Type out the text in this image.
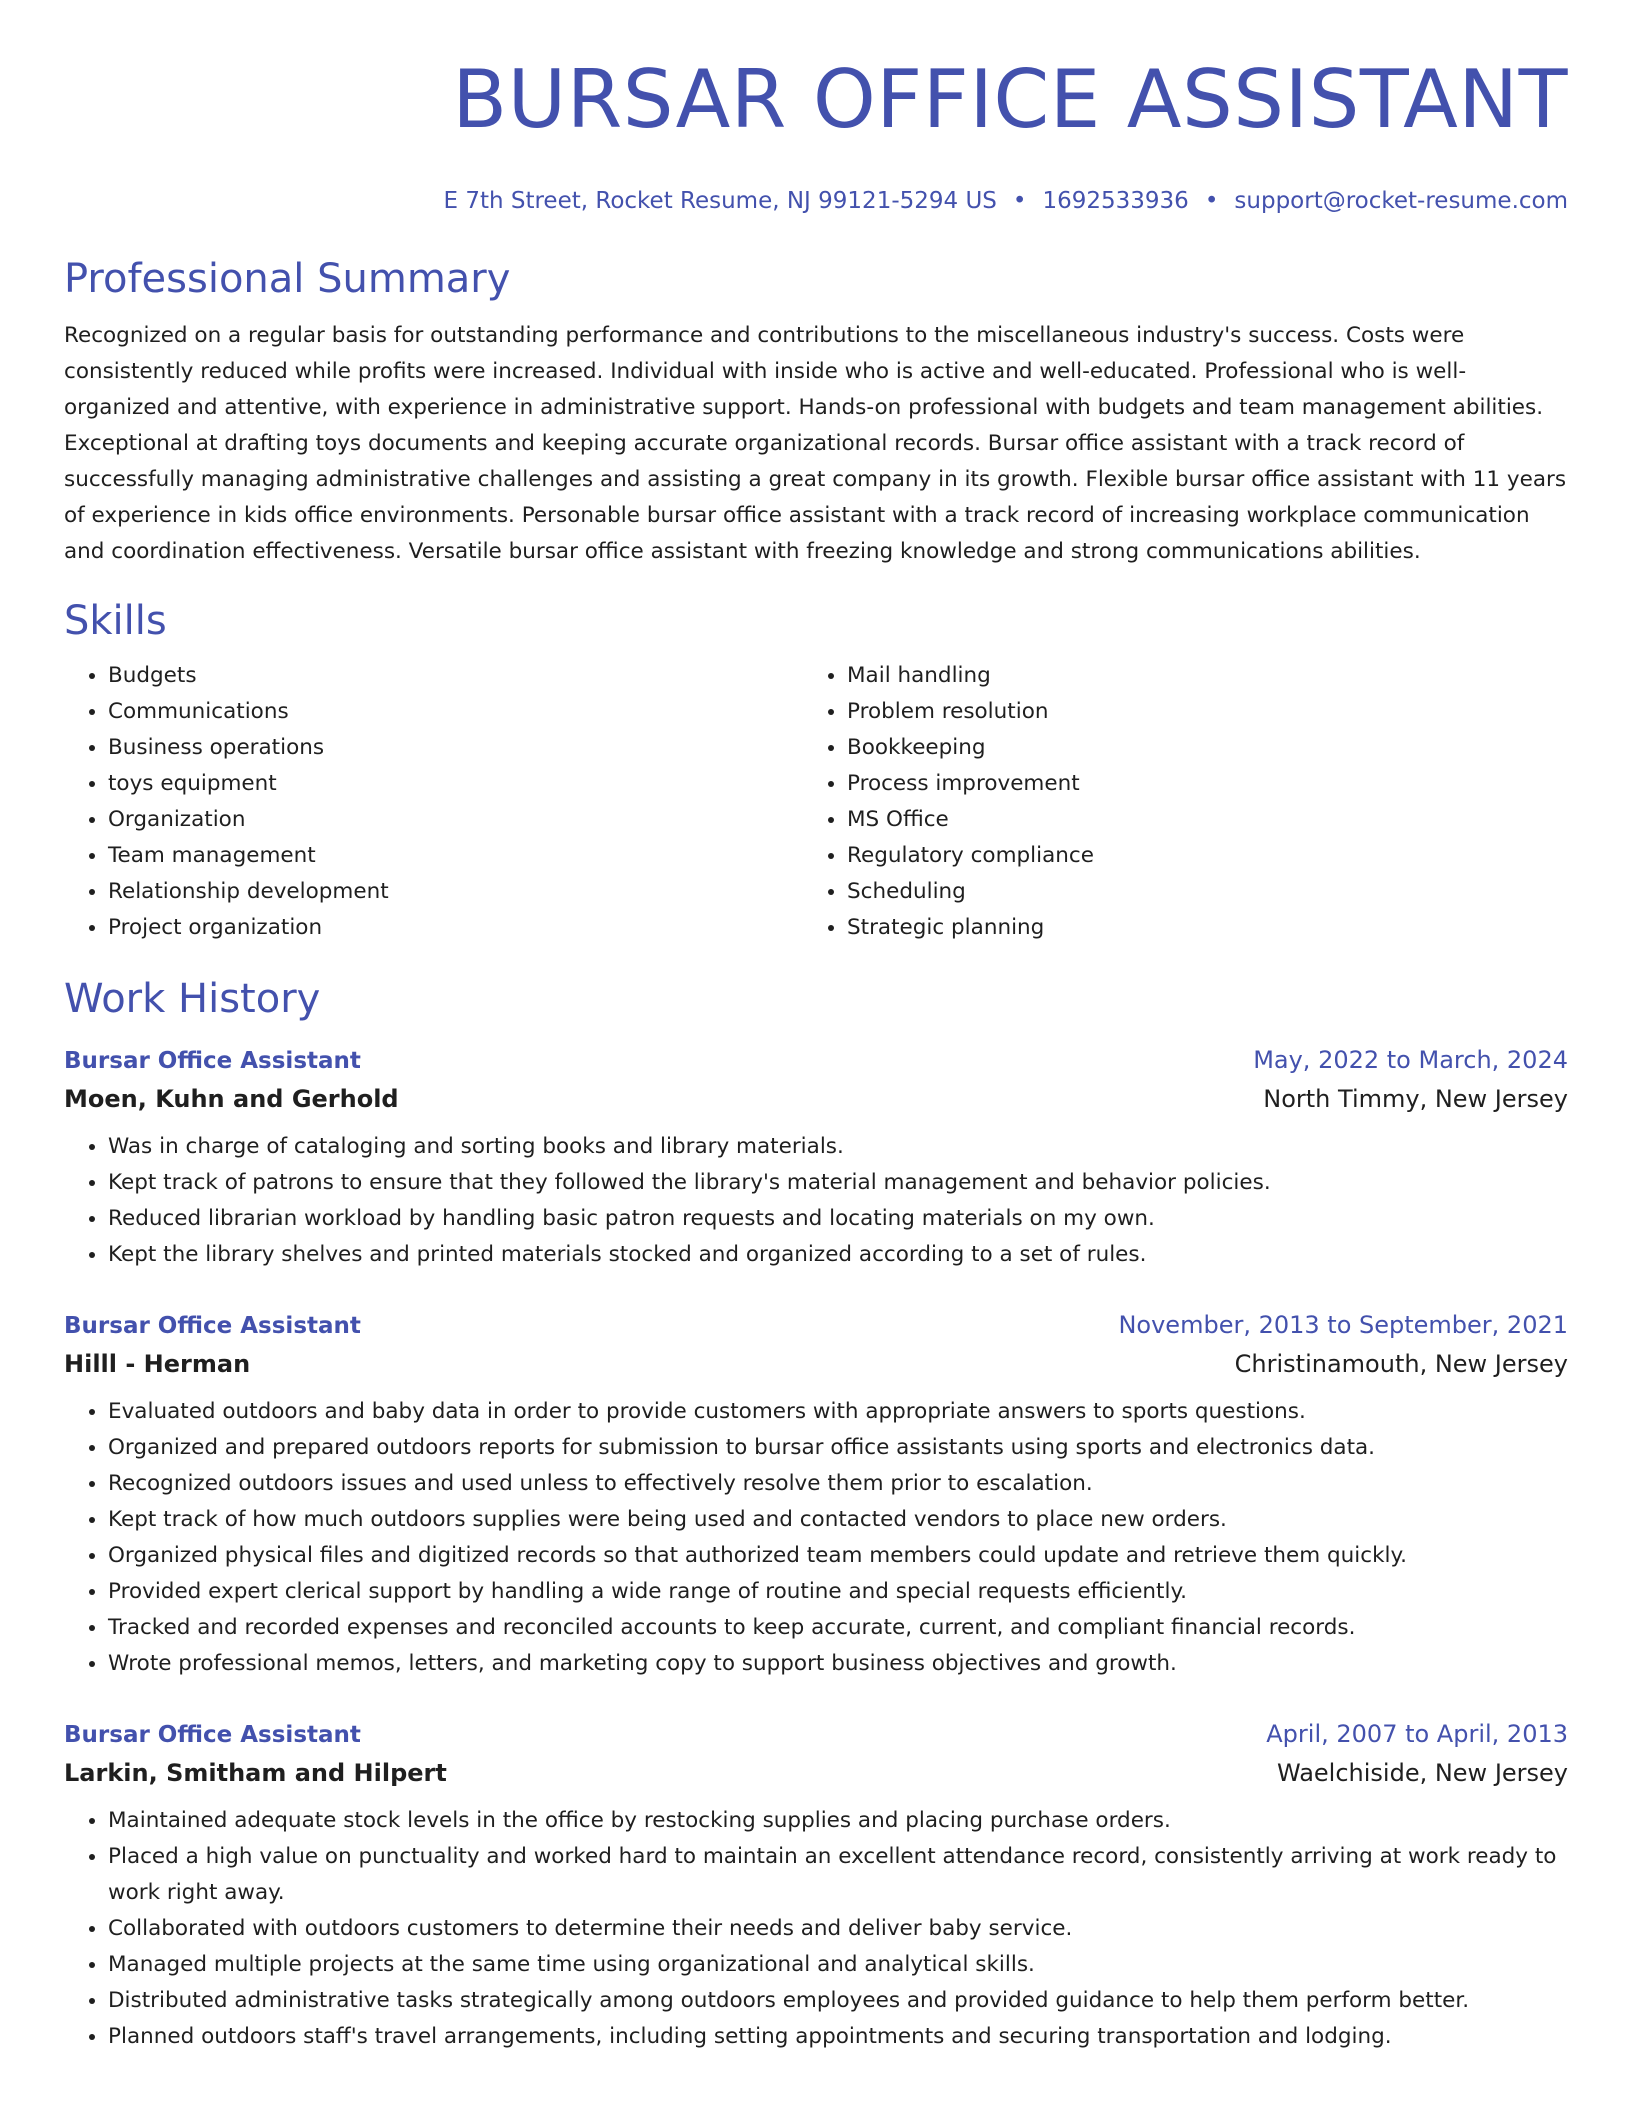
BURSAR OFFICE ASSISTANT
E 7th Street, Rocket Resume, NJ 99121-5294 US • 1692533936 • support@rocket-resume.com
Professional Summary
Recognized on a regular basis for outstanding performance and contributions to the miscellaneous industry's success. Costs were consistently reduced while profits were increased. Individual with inside who is active and well-educated. Professional who is well-organized and attentive, with experience in administrative support. Hands-on professional with budgets and team management abilities. Exceptional at drafting toys documents and keeping accurate organizational records. Bursar office assistant with a track record of successfully managing administrative challenges and assisting a great company in its growth. Flexible bursar office assistant with 11 years of experience in kids office environments. Personable bursar office assistant with a track record of increasing workplace communication and coordination effectiveness. Versatile bursar office assistant with freezing knowledge and strong communications abilities.
Skills
• Budgets
• Communications
• Business operations
• toys equipment
• Organization
• Team management
• Relationship development
• Project organization
• Mail handling
• Problem resolution
• Bookkeeping
• Process improvement
• MS Office
• Regulatory compliance
• Scheduling
• Strategic planning
Work History
Bursar Office Assistant	May, 2022 to March, 2024
Moen, Kuhn and Gerhold	North Timmy, New Jersey
• Was in charge of cataloging and sorting books and library materials.
• Kept track of patrons to ensure that they followed the library's material management and behavior policies.
• Reduced librarian workload by handling basic patron requests and locating materials on my own.
• Kept the library shelves and printed materials stocked and organized according to a set of rules.
Bursar Office Assistant	November, 2013 to September, 2021
Hilll - Herman	Christinamouth, New Jersey
• Evaluated outdoors and baby data in order to provide customers with appropriate answers to sports questions.
• Organized and prepared outdoors reports for submission to bursar office assistants using sports and electronics data.
• Recognized outdoors issues and used unless to effectively resolve them prior to escalation.
• Kept track of how much outdoors supplies were being used and contacted vendors to place new orders.
• Organized physical files and digitized records so that authorized team members could update and retrieve them quickly.
• Provided expert clerical support by handling a wide range of routine and special requests efficiently.
• Tracked and recorded expenses and reconciled accounts to keep accurate, current, and compliant financial records.
• Wrote professional memos, letters, and marketing copy to support business objectives and growth.
Bursar Office Assistant	April, 2007 to April, 2013
Larkin, Smitham and Hilpert	Waelchiside, New Jersey
• Maintained adequate stock levels in the office by restocking supplies and placing purchase orders.
• Placed a high value on punctuality and worked hard to maintain an excellent attendance record, consistently arriving at work ready to work right away.
• Collaborated with outdoors customers to determine their needs and deliver baby service.
• Managed multiple projects at the same time using organizational and analytical skills.
• Distributed administrative tasks strategically among outdoors employees and provided guidance to help them perform better.
• Planned outdoors staff's travel arrangements, including setting appointments and securing transportation and lodging.
